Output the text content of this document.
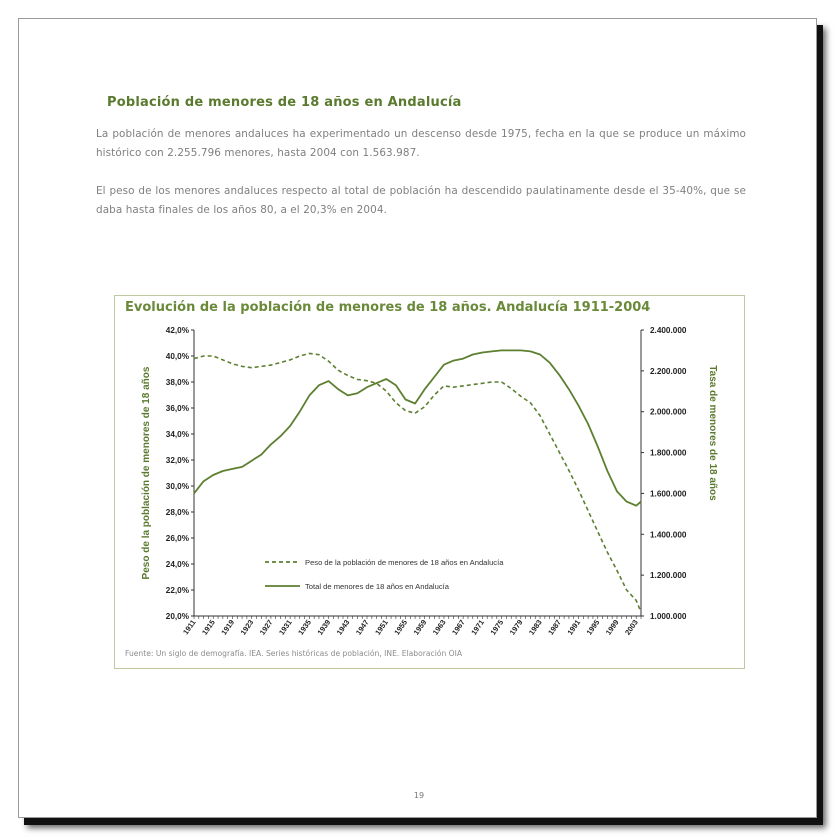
Población de menores de 18 años en Andalucía
La población de menores andaluces ha experimentado un descenso desde 1975, fecha en la que se produce un máximo histórico con 2.255.796 menores, hasta 2004 con 1.563.987.
El peso de los menores andaluces respecto al total de población ha descendido paulatinamente desde el 35-40%, que se daba hasta finales de los años 80, a el 20,3% en 2004.
Evolución de la población de menores de 18 años. Andalucía 1911-2004
42,0%
40,0%
38,0%
36,0%
34,0%
32,0%
30,0%
28,0%
26,0%
24,0%
22,0%
20,0%
2.400.000
2.200.000
2.000.000
1.800.000
1.600.000
1.400.000
1.200.000
1.000.000
1911 1915 1919 1923 1927 1931 1935 1939 1943 1947 1951 1955 1959 1963 1967 1971 1975 1979 1983 1987 1991 1995 1999 2003
Peso de la población de menores de 18 años	Tasa de menores de 18 años
Peso de la población de menores de 18 años en Andalucía
Total de menores de 18 años en Andalucía
Fuente: Un siglo de demografía. IEA. Series históricas de población, INE. Elaboración OIA
19
